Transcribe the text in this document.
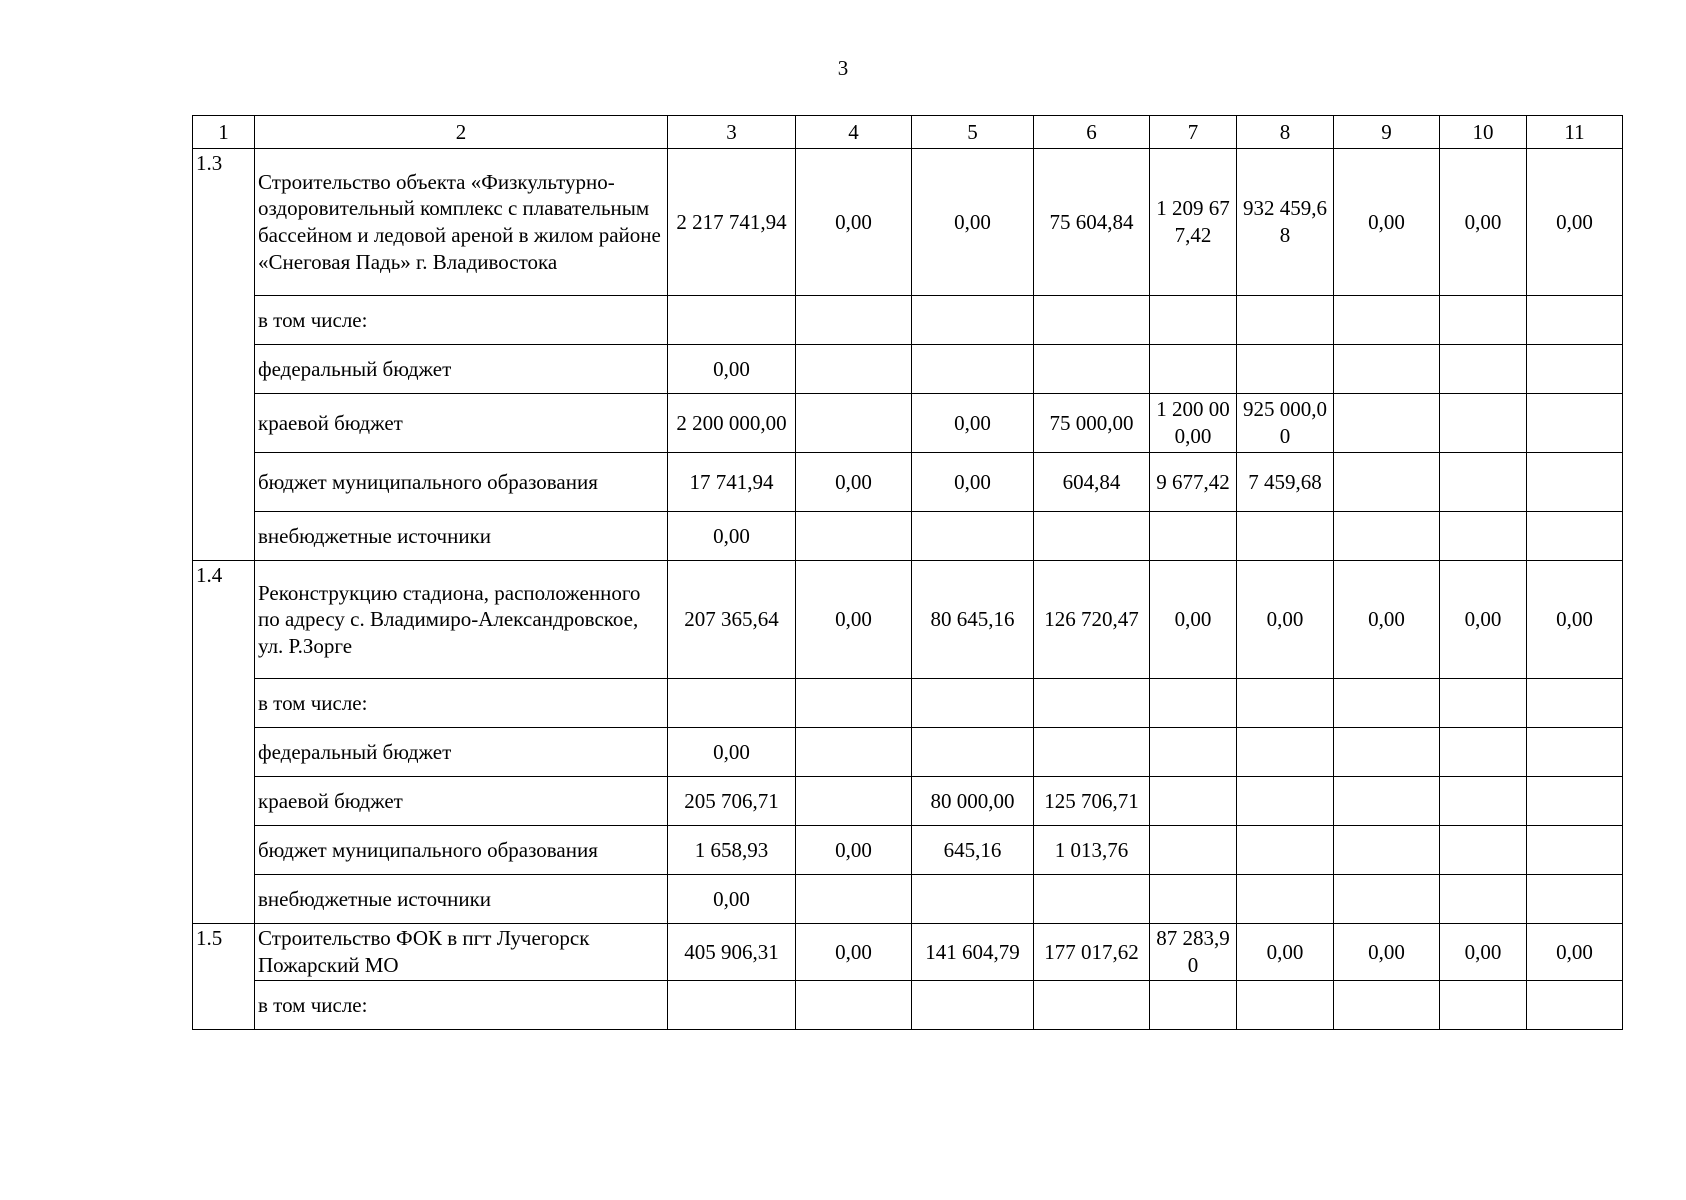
3
1	2	3	4	5	6	7	8	9	10	11
1.3	Строительство объекта «Физкультурно-оздоровительный комплекс с плавательным бассейном и ледовой ареной в жилом районе «Снеговая Падь» г. Владивостока	2 217 741,94	0,00	0,00	75 604,84	1 209 677,42	932 459,68	0,00	0,00	0,00
	в том числе:									
	федеральный бюджет	0,00								
	краевой бюджет	2 200 000,00		0,00	75 000,00	1 200 000,00	925 000,00			
	бюджет муниципального образования	17 741,94	0,00	0,00	604,84	9 677,42	7 459,68			
	внебюджетные источники	0,00								
1.4	Реконструкцию стадиона, расположенного по адресу с. Владимиро-Александровское, ул. Р.Зорге	207 365,64	0,00	80 645,16	126 720,47	0,00	0,00	0,00	0,00	0,00
	в том числе:									
	федеральный бюджет	0,00								
	краевой бюджет	205 706,71		80 000,00	125 706,71					
	бюджет муниципального образования	1 658,93	0,00	645,16	1 013,76					
	внебюджетные источники	0,00								
1.5	Строительство ФОК в пгт Лучегорск Пожарский МО	405 906,31	0,00	141 604,79	177 017,62	87 283,90	0,00	0,00	0,00	0,00
	в том числе:									
